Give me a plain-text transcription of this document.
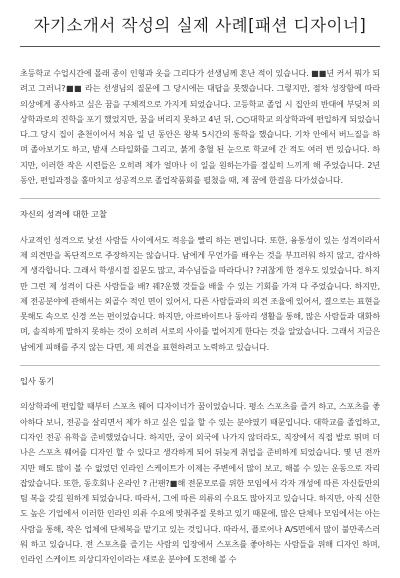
자기소개서 작성의 실제 사례[패션 디자이너]

초등학교 수업시간에 몰래 종이 인형과 옷을 그리다가 선생님께 혼난 적이 있습니다. ■■년 커서 뭐가 되려고 그러니?■■ 라는 선생님의 질문에 그 당시에는 대답을 못했습니다. 그렇지만, 점차 성장함에 따라 의상에게 종사하고 싶은 꿈을 구체적으로 가지게 되었습니다. 고등학교 졸업 시 집안의 반대에 부딪쳐 의상학과로의 진학을 포기 했었지만, 꿈을 버리지 못하고 4년 뒤, ○○대학교 의상학과에 편입하게 되었습니다.그 당시 집이 춘천이어서 처음 일 년 동안은 왕복 5시간의 통학을 했습니다. 기차 안에서 버느질을 하며 졸아보기도 하고, 밤새 스타일화를 그리고, 붉게 충혈 된 눈으로 학교에 간 적도 여러 번 있습니다. 하지만, 이러한 작은 시련들은 오히려 제가 얼마나 이 일을 원하는가를 절실히 느끼게 해 주었습니다. 2년 동안, 편입과정을 훌마치고 성공적으로 졸업작품회를 펼쳤을 때, 제 꿈에 한걸음 다가섰습니다.

자신의 성격에 대한 고찰

사교적인 성격으로 낯선 사람들 사이에서도 적응을 빨리 하는 편입니다. 또한, 융통성이 있는 성격이라서 제 의견만을 독단적으로 주장하지는 않습니다. 남에게 무언가를 배우는 것을 부끄러워 하지 않고, 감사하게 생각합니다. 그래서 학생시절 질문도 많고, 과수님들을 따라다니? ?귀찮게 한 경우도 있었습니다. 하지만 그런 제 성격이 다른 사람들을 배? 꿰?운했 것들을 배울 수 있는 기회를 가져 다 주었습니다. 하지만, 제 전공분야에 관해서는 외골수 적인 면이 있어서, 다른 사람들과의 의견 조율에 있어서, 결으로는 표현을 못해도 속으로 신경 쓰는 편이었습니다. 하지만, 아르바이트나 동아리 생활을 통해, 많은 사람들과 대화하며, 솔직하게 말하지 못하는 것이 오히려 서로의 사이를 멀어지게 한다는 것을 알았습니다. 그래서 지금은 남에게 피해를 주지 않는 다면, 제 의견을 표현하려고 노력하고 있습니다.

입사 동기

의상학과에 편입할 때부터 스포츠 웨어 디자이너가 꿈이었습니다. 평소 스포츠를 즐겨 하고, 스포츠를 좋아하다 보니, 전공을 살리면서 제가 하고 싶은 일을 할 수 있는 분야였기 때문입니다. 대학교를 졸업하고, 디자인 전공 유학을 준비했었습니다. 하지만, 궁이 외국에 나가지 않더라도, 직장에서 직접 발로 뛰며 더 나은 스포츠 웨어를 디자인 할 수 있다고 생각하게 되어 뒤늦게 취업을 준비하게 되었습니다. 몇 년 전까지만 해도 많이 볼 수 없었던 인라인 스케이트가 이제는 주변에서 많이 보고, 해볼 수 있는 운동으로 자리잡았습니다. 또한, 동호회나 온라인 ? 卍팬?■해 전문모로를 위한 모임에서 각자 개성에 따른 자신들만의 팀 복을 갖길 원하게 되었습니다. 따라서, 그에 따른 의류의 수요도 많아지고 있습니다. 하지만, 아직 신한도 높은 기업에서 이러한 인라인 의류 수요에 맞춰주질 못하고 있기 때문에, 많은 단체나 모임에서는 아는 사람을 통해, 작은 업체에 단체복을 맡기고 있는 것입니다. 따라서, 플로어나 A/S면에서 많이 불만족스러워 하고 있습니다. 전 스포츠를 즐기는 사람의 입장에서 스포츠를 좋아하는 사람들을 위해 디자인 하며, 인라인 스케이트 의상디자인이라는 새로운 분야에 도전해 볼 수
